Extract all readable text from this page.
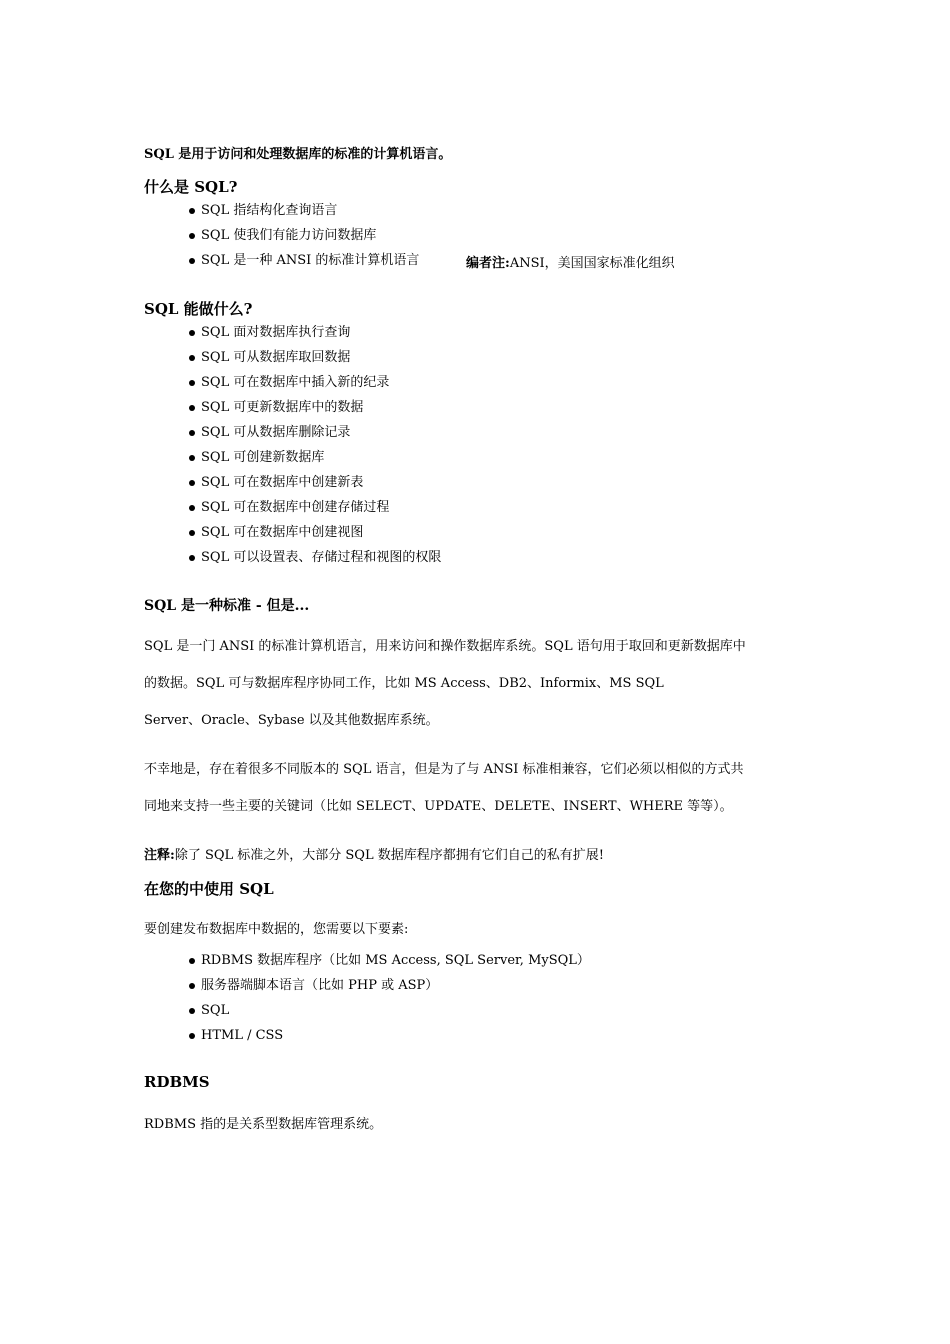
SQL 是用于访问和处理数据库的标准的计算机语言。
什么是 SQL?
SQL 指结构化查询语言
SQL 使我们有能力访问数据库
SQL 是一种 ANSI 的标准计算机语言	编者注:ANSI，美国国家标准化组织
SQL 能做什么?
SQL 面对数据库执行查询
SQL 可从数据库取回数据
SQL 可在数据库中插入新的纪录
SQL 可更新数据库中的数据
SQL 可从数据库删除记录
SQL 可创建新数据库
SQL 可在数据库中创建新表
SQL 可在数据库中创建存储过程
SQL 可在数据库中创建视图
SQL 可以设置表、存储过程和视图的权限
SQL 是一种标准 - 但是...
SQL 是一门 ANSI 的标准计算机语言，用来访问和操作数据库系统。SQL 语句用于取回和更新数据库中
的数据。SQL 可与数据库程序协同工作，比如 MS Access、DB2、Informix、MS SQL
Server、Oracle、Sybase 以及其他数据库系统。
不幸地是，存在着很多不同版本的 SQL 语言，但是为了与 ANSI 标准相兼容，它们必须以相似的方式共
同地来支持一些主要的关键词（比如 SELECT、UPDATE、DELETE、INSERT、WHERE 等等）。
注释:除了 SQL 标准之外，大部分 SQL 数据库程序都拥有它们自己的私有扩展!
在您的中使用 SQL
要创建发布数据库中数据的，您需要以下要素:
RDBMS 数据库程序（比如 MS Access, SQL Server, MySQL）
服务器端脚本语言（比如 PHP 或 ASP）
SQL
HTML / CSS
RDBMS
RDBMS 指的是关系型数据库管理系统。
